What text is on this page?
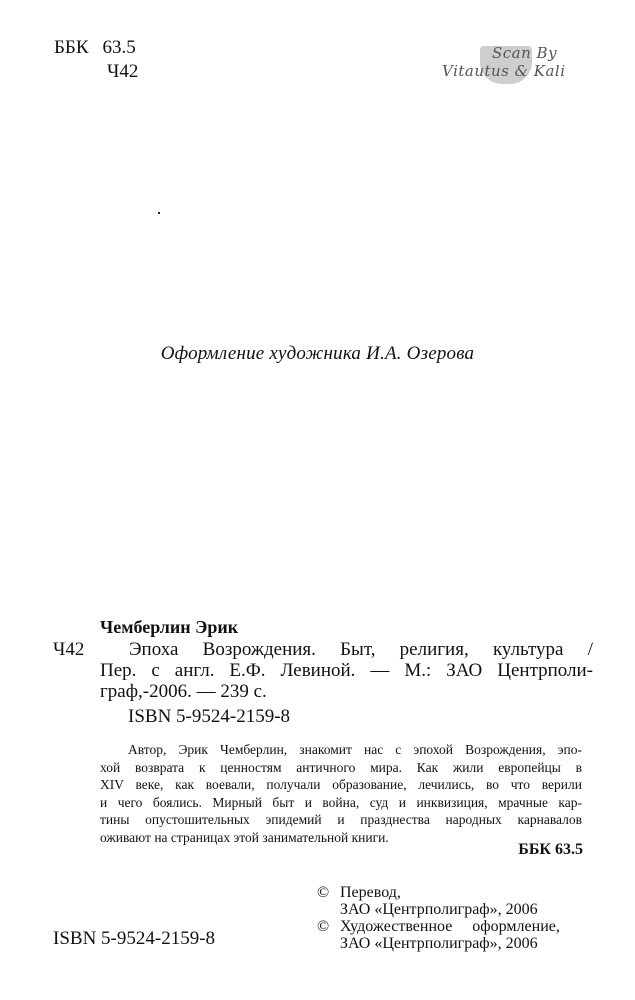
ББК 63.5
Ч42
Scan By
Vitautus & Kali
Оформление художника И.А. Озерова
Чемберлин Эрик
Ч42	Эпоха Возрождения. Быт, религия, культура /
Пер. с англ. Е.Ф. Левиной. — М.: ЗАО Центрполи-
граф,-2006. — 239 с.
ISBN 5-9524-2159-8
Автор, Эрик Чемберлин, знакомит нас с эпохой Возрождения, эпо-
хой возврата к ценностям античного мира. Как жили европейцы в
XIV веке, как воевали, получали образование, лечились, во что верили
и чего боялись. Мирный быт и война, суд и инквизиция, мрачные кар-
тины опустошительных эпидемий и празднества народных карнавалов
оживают на страницах этой занимательной книги.
ББК 63.5
ISBN 5-9524-2159-8
© Перевод,
ЗАО «Центрполиграф», 2006
© Художественное оформление,
ЗАО «Центрполиграф», 2006
